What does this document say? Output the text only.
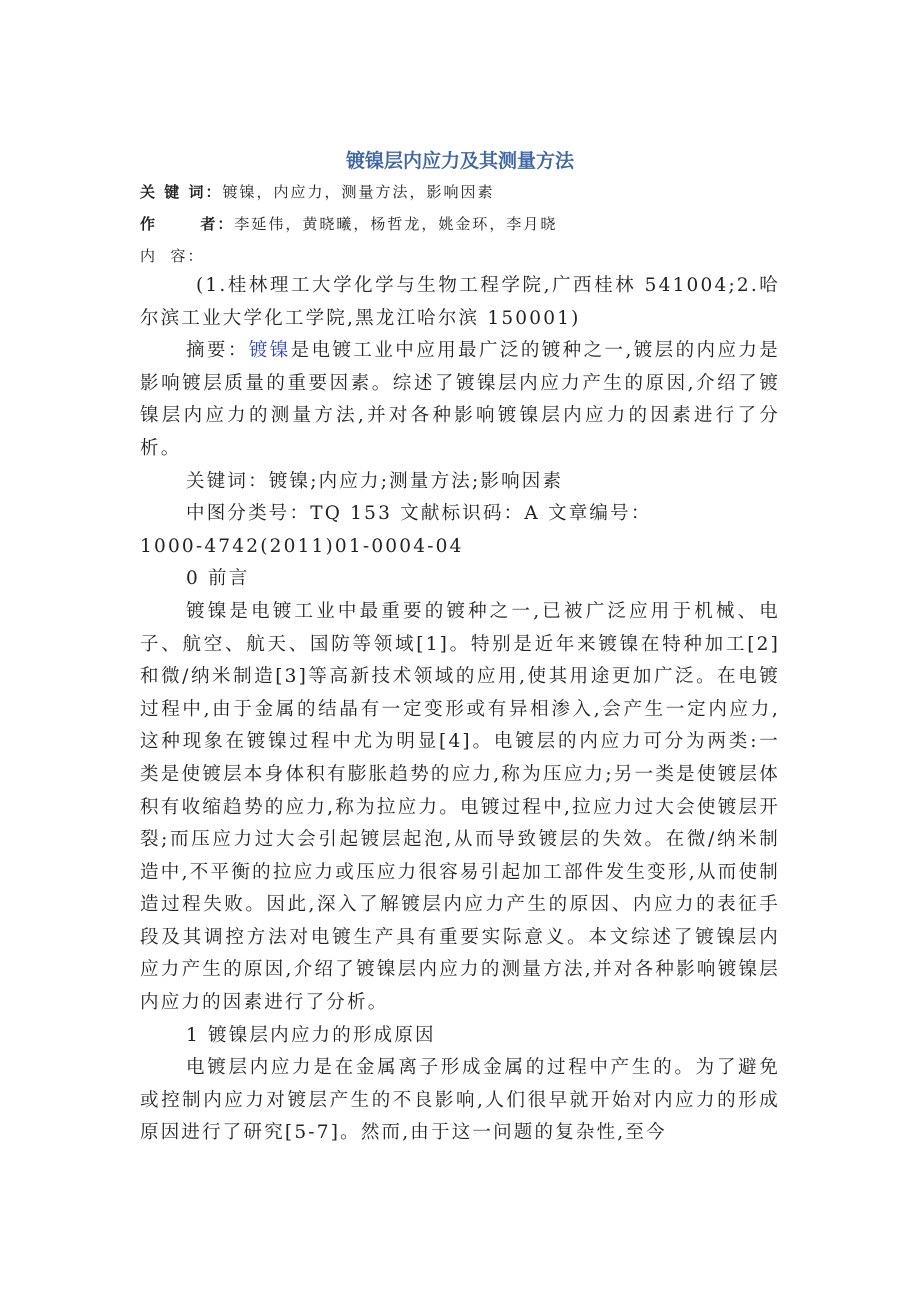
镀镍层内应力及其测量方法
关 键 词：镀镍，内应力，测量方法，影响因素
作      者：李延伟，黄晓曦，杨哲龙，姚金环，李月晓
内  容：

(1.桂林理工大学化学与生物工程学院,广西桂林 541004;2.哈尔滨工业大学化工学院,黑龙江哈尔滨 150001)

摘要：镀镍是电镀工业中应用最广泛的镀种之一,镀层的内应力是影响镀层质量的重要因素。综述了镀镍层内应力产生的原因,介绍了镀镍层内应力的测量方法,并对各种影响镀镍层内应力的因素进行了分析。

关键词：镀镍;内应力;测量方法;影响因素

中图分类号：TQ 153 文献标识码：A 文章编号：

1000-4742(2011)01-0004-04

0 前言

镀镍是电镀工业中最重要的镀种之一,已被广泛应用于机械、电子、航空、航天、国防等领域[1]。特别是近年来镀镍在特种加工[2]和微/纳米制造[3]等高新技术领域的应用,使其用途更加广泛。在电镀过程中,由于金属的结晶有一定变形或有异相渗入,会产生一定内应力,这种现象在镀镍过程中尤为明显[4]。电镀层的内应力可分为两类:一类是使镀层本身体积有膨胀趋势的应力,称为压应力;另一类是使镀层体积有收缩趋势的应力,称为拉应力。电镀过程中,拉应力过大会使镀层开裂;而压应力过大会引起镀层起泡,从而导致镀层的失效。在微/纳米制造中,不平衡的拉应力或压应力很容易引起加工部件发生变形,从而使制造过程失败。因此,深入了解镀层内应力产生的原因、内应力的表征手段及其调控方法对电镀生产具有重要实际意义。本文综述了镀镍层内应力产生的原因,介绍了镀镍层内应力的测量方法,并对各种影响镀镍层内应力的因素进行了分析。

1 镀镍层内应力的形成原因

电镀层内应力是在金属离子形成金属的过程中产生的。为了避免或控制内应力对镀层产生的不良影响,人们很早就开始对内应力的形成原因进行了研究[5-7]。然而,由于这一问题的复杂性,至今
